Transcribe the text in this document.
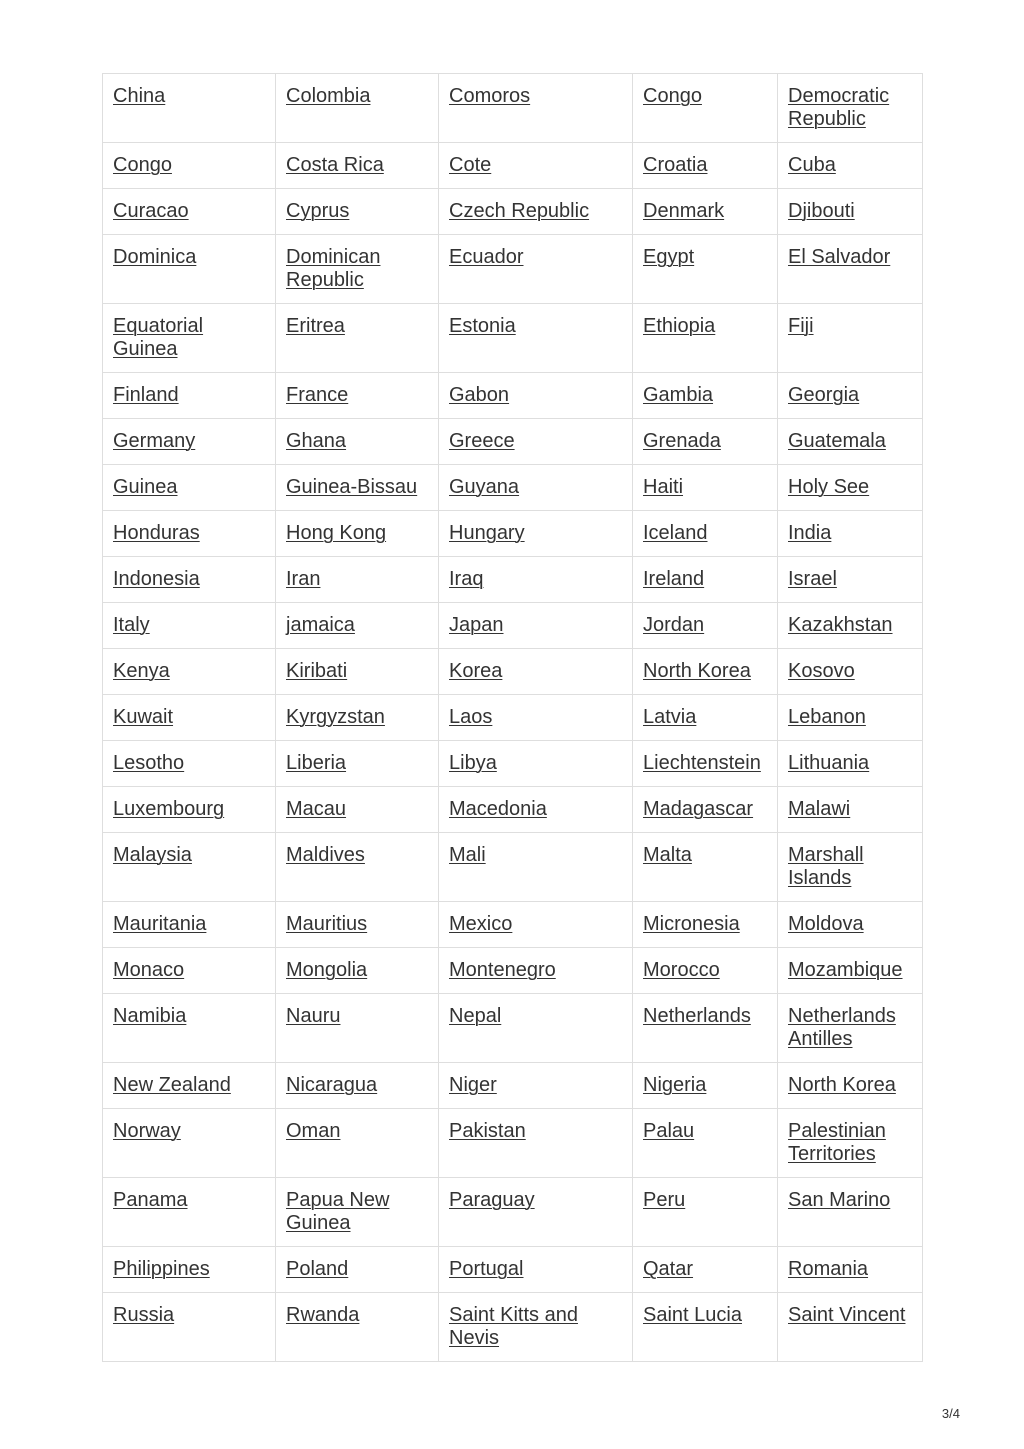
China	Colombia	Comoros	Congo	Democratic Republic
Congo	Costa Rica	Cote	Croatia	Cuba
Curacao	Cyprus	Czech Republic	Denmark	Djibouti
Dominica	Dominican Republic	Ecuador	Egypt	El Salvador
Equatorial Guinea	Eritrea	Estonia	Ethiopia	Fiji
Finland	France	Gabon	Gambia	Georgia
Germany	Ghana	Greece	Grenada	Guatemala
Guinea	Guinea-Bissau	Guyana	Haiti	Holy See
Honduras	Hong Kong	Hungary	Iceland	India
Indonesia	Iran	Iraq	Ireland	Israel
Italy	jamaica	Japan	Jordan	Kazakhstan
Kenya	Kiribati	Korea	North Korea	Kosovo
Kuwait	Kyrgyzstan	Laos	Latvia	Lebanon
Lesotho	Liberia	Libya	Liechtenstein	Lithuania
Luxembourg	Macau	Macedonia	Madagascar	Malawi
Malaysia	Maldives	Mali	Malta	Marshall Islands
Mauritania	Mauritius	Mexico	Micronesia	Moldova
Monaco	Mongolia	Montenegro	Morocco	Mozambique
Namibia	Nauru	Nepal	Netherlands	Netherlands Antilles
New Zealand	Nicaragua	Niger	Nigeria	North Korea
Norway	Oman	Pakistan	Palau	Palestinian Territories
Panama	Papua New Guinea	Paraguay	Peru	San Marino
Philippines	Poland	Portugal	Qatar	Romania
Russia	Rwanda	Saint Kitts and Nevis	Saint Lucia	Saint Vincent
3/4
